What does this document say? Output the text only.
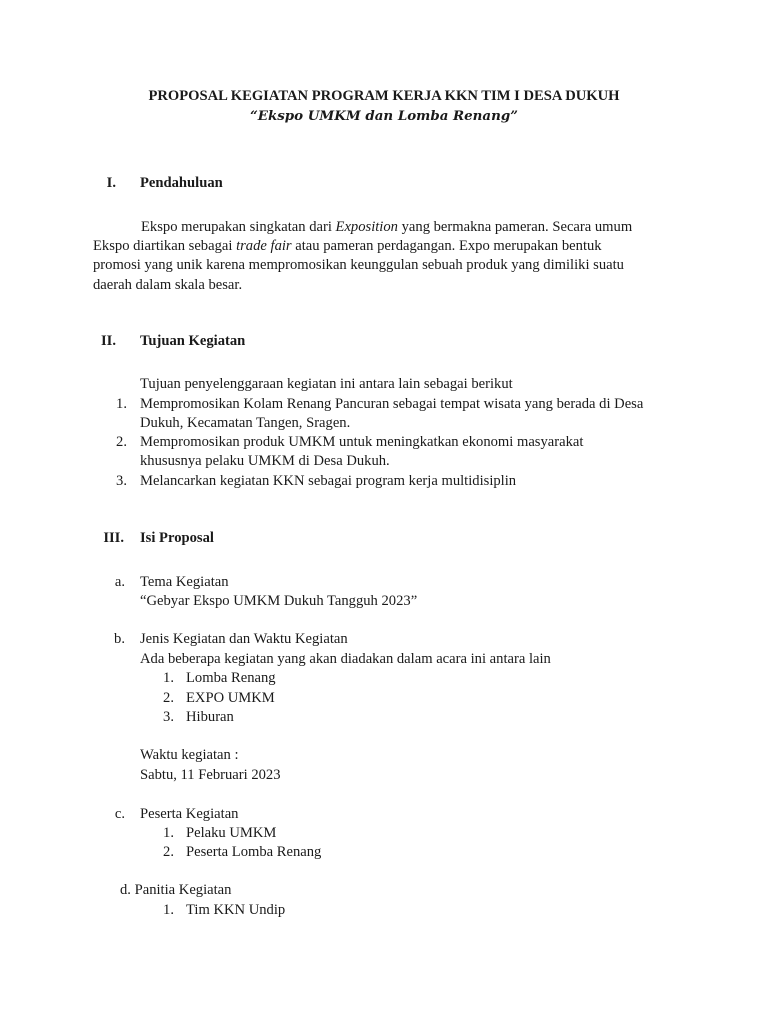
PROPOSAL KEGIATAN PROGRAM KERJA KKN TIM I DESA DUKUH
“Ekspo UMKM dan Lomba Renang”
I. Pendahuluan
Ekspo merupakan singkatan dari Exposition yang bermakna pameran. Secara umum
Ekspo diartikan sebagai trade fair atau pameran perdagangan. Expo merupakan bentuk
promosi yang unik karena mempromosikan keunggulan sebuah produk yang dimiliki suatu
daerah dalam skala besar.
II. Tujuan Kegiatan
Tujuan penyelenggaraan kegiatan ini antara lain sebagai berikut
1. Mempromosikan Kolam Renang Pancuran sebagai tempat wisata yang berada di Desa
Dukuh, Kecamatan Tangen, Sragen.
2. Mempromosikan produk UMKM untuk meningkatkan ekonomi masyarakat
khususnya pelaku UMKM di Desa Dukuh.
3. Melancarkan kegiatan KKN sebagai program kerja multidisiplin
III. Isi Proposal
a. Tema Kegiatan
“Gebyar Ekspo UMKM Dukuh Tangguh 2023”
b. Jenis Kegiatan dan Waktu Kegiatan
Ada beberapa kegiatan yang akan diadakan dalam acara ini antara lain
1. Lomba Renang
2. EXPO UMKM
3. Hiburan
Waktu kegiatan :
Sabtu, 11 Februari 2023
c. Peserta Kegiatan
1. Pelaku UMKM
2. Peserta Lomba Renang
d. Panitia Kegiatan
1. Tim KKN Undip
